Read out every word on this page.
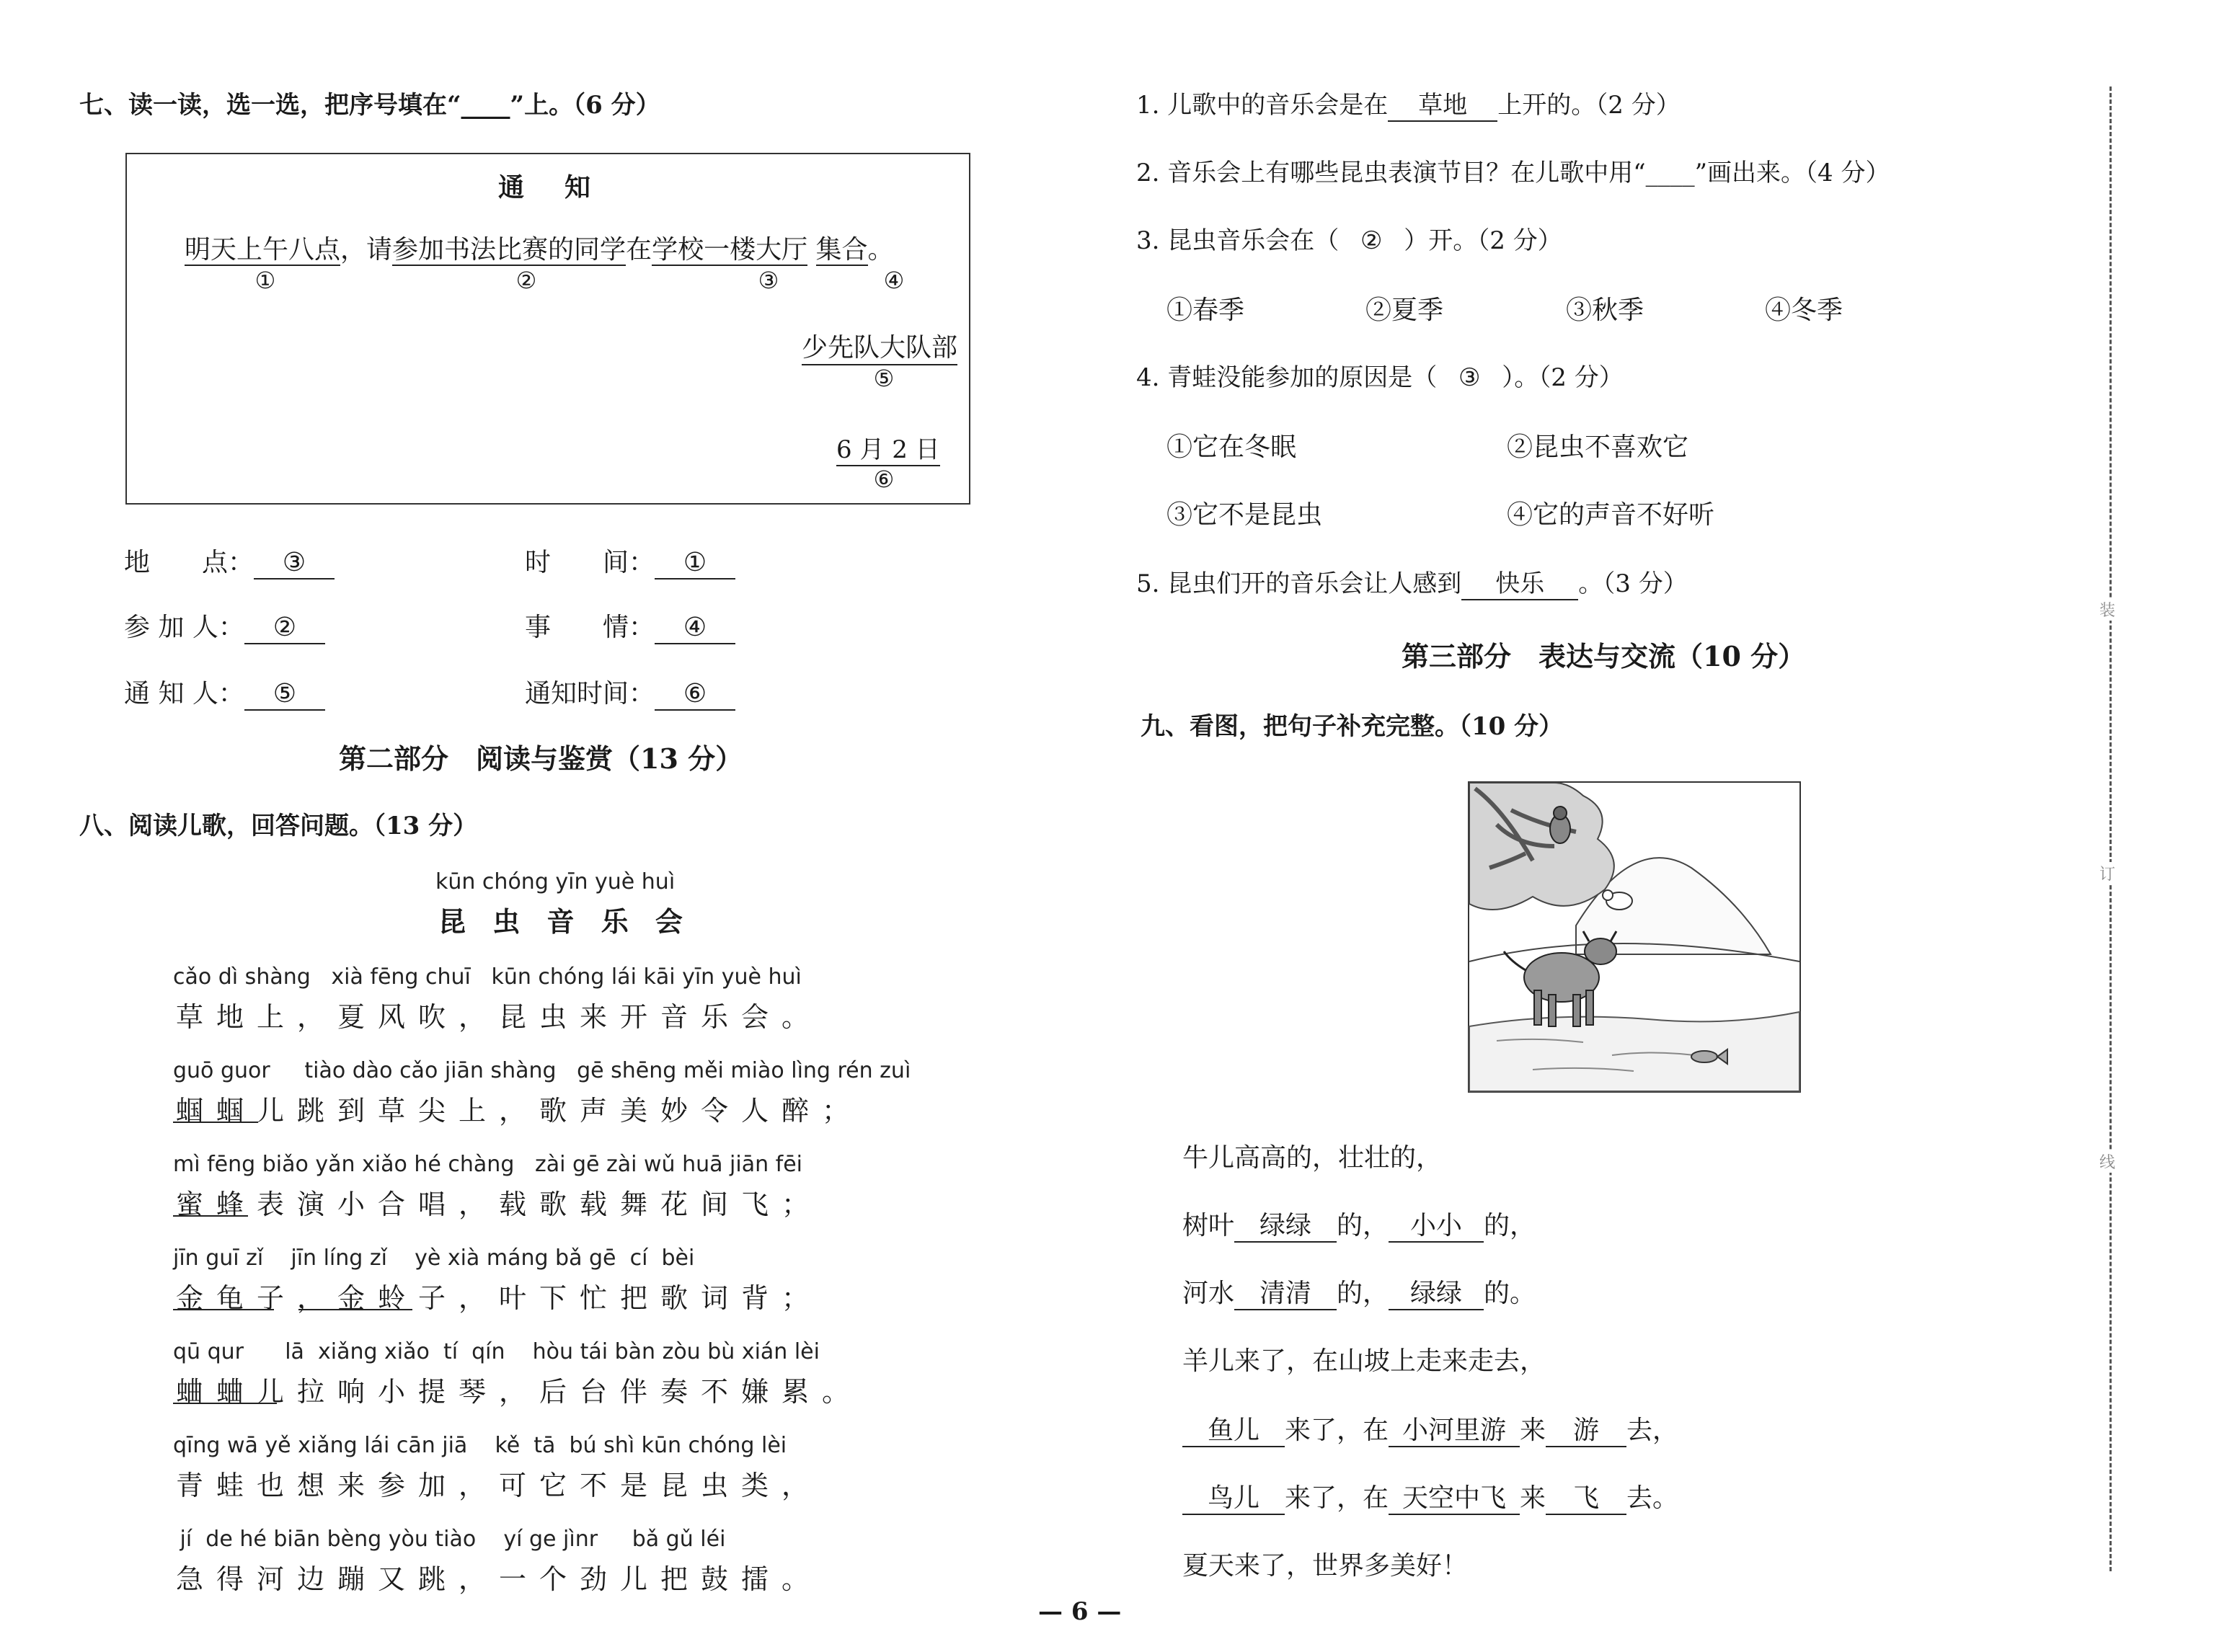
七、读一读，选一选，把序号填在“____”上。（6 分）
通　知
明天上午八点，请参加书法比赛的同学在学校一楼大厅 集合。
①	②	③	④
少先队大队部
⑤
6 月 2 日
⑥
地　　点： ③	时　　间： ①
参 加 人： ②	事　　情： ④
通 知 人： ⑤	通知时间： ⑥
第二部分　阅读与鉴赏（13 分）
八、阅读儿歌，回答问题。（13 分）
kūn chóng yīn yuè huì
昆 虫 音 乐 会
cǎo dì shàng   xià fēng chuī   kūn chóng lái kāi yīn yuè huì
草地上，夏风吹，昆虫来开音乐会。
guō guor     tiào dào cǎo jiān shàng   gē shēng měi miào lìng rén zuì
蝈蝈儿跳到草尖上，歌声美妙令人醉；
mì fēng biǎo yǎn xiǎo hé chàng   zài gē zài wǔ huā jiān fēi
蜜蜂表演小合唱，载歌载舞花间飞；
jīn guī zǐ    jīn líng zǐ    yè xià máng bǎ gē  cí  bèi
金龟子，金蛉子，叶下忙把歌词背；
qū qur      lā  xiǎng xiǎo  tí  qín    hòu tái bàn zòu bù xián lèi
蛐蛐儿拉响小提琴，后台伴奏不嫌累。
qīng wā yě xiǎng lái cān jiā    kě  tā  bú shì kūn chóng lèi
青蛙也想来参加，可它不是昆虫类，
jí  de hé biān bèng yòu tiào    yí ge jìnr     bǎ gǔ léi
急得河边蹦又跳，一个劲儿把鼓擂。
1. 儿歌中的音乐会是在 草地 上开的。（2 分）
2. 音乐会上有哪些昆虫表演节目？在儿歌中用“____”画出来。（4 分）
3. 昆虫音乐会在（ ② ）开。（2 分）
①春季	②夏季	③秋季	④冬季
4. 青蛙没能参加的原因是（ ③ ）。（2 分）
①它在冬眠	②昆虫不喜欢它
③它不是昆虫	④它的声音不好听
5. 昆虫们开的音乐会让人感到 快乐 。（3 分）
第三部分　表达与交流（10 分）
九、看图，把句子补充完整。（10 分）
牛儿高高的，壮壮的，
树叶 绿绿 的， 小小 的，
河水 清清 的， 绿绿 的。
羊儿来了，在山坡上走来走去，
鱼儿 来了，在 小河里游 来 游 去，
鸟儿 来了，在 天空中飞 来 飞 去。
夏天来了，世界多美好！
装
订
线
— 6 —
